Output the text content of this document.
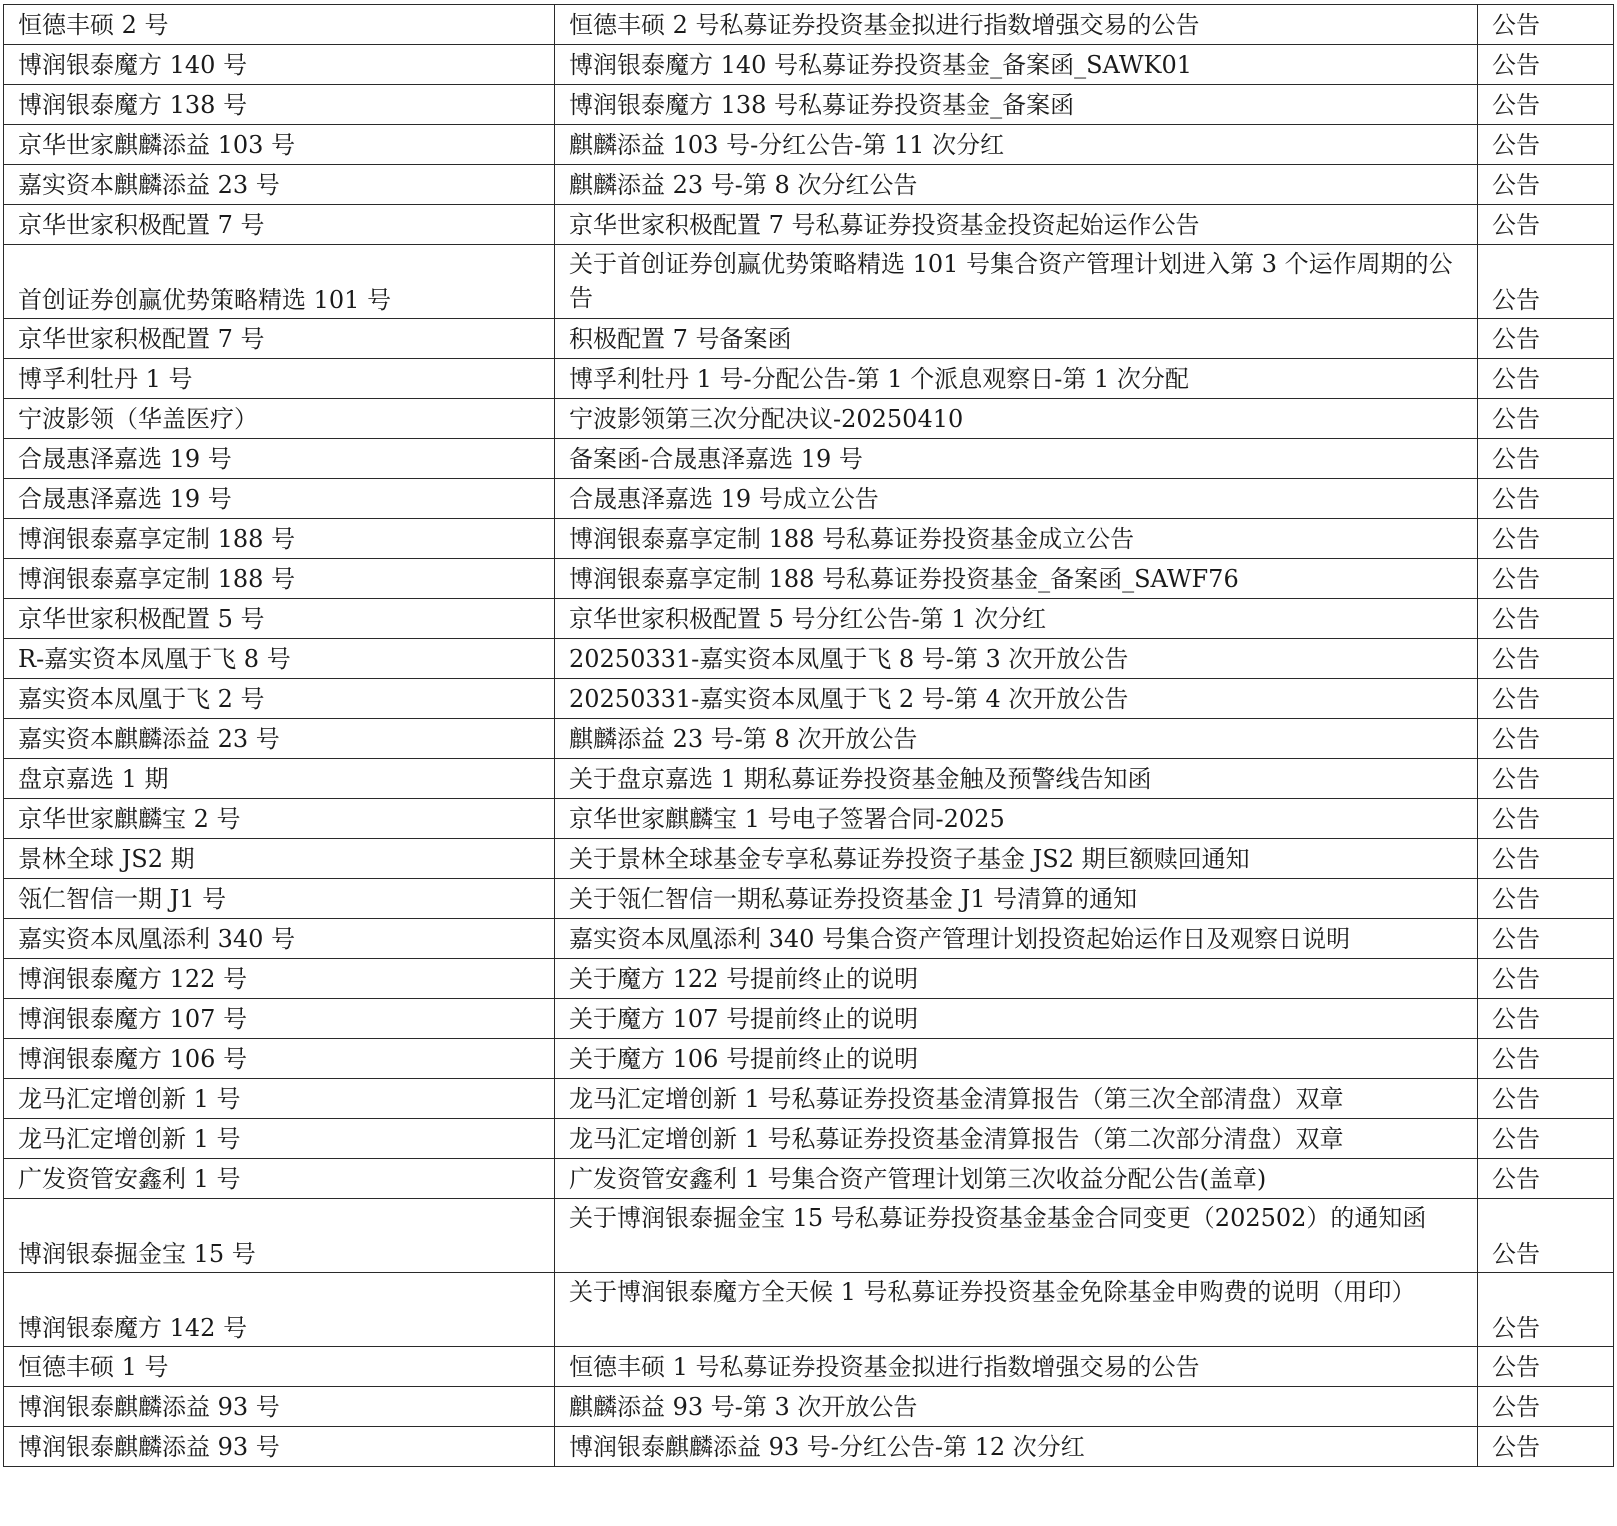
恒德丰硕 2 号	恒德丰硕 2 号私募证券投资基金拟进行指数增强交易的公告	公告
博润银泰魔方 140 号	博润银泰魔方 140 号私募证券投资基金_备案函_SAWK01	公告
博润银泰魔方 138 号	博润银泰魔方 138 号私募证券投资基金_备案函	公告
京华世家麒麟添益 103 号	麒麟添益 103 号-分红公告-第 11 次分红	公告
嘉实资本麒麟添益 23 号	麒麟添益 23 号-第 8 次分红公告	公告
京华世家积极配置 7 号	京华世家积极配置 7 号私募证券投资基金投资起始运作公告	公告
首创证券创赢优势策略精选 101 号	关于首创证券创赢优势策略精选 101 号集合资产管理计划进入第 3 个运作周期的公告	公告
京华世家积极配置 7 号	积极配置 7 号备案函	公告
博孚利牡丹 1 号	博孚利牡丹 1 号-分配公告-第 1 个派息观察日-第 1 次分配	公告
宁波影领（华盖医疗）	宁波影领第三次分配决议-20250410	公告
合晟惠泽嘉选 19 号	备案函-合晟惠泽嘉选 19 号	公告
合晟惠泽嘉选 19 号	合晟惠泽嘉选 19 号成立公告	公告
博润银泰嘉享定制 188 号	博润银泰嘉享定制 188 号私募证券投资基金成立公告	公告
博润银泰嘉享定制 188 号	博润银泰嘉享定制 188 号私募证券投资基金_备案函_SAWF76	公告
京华世家积极配置 5 号	京华世家积极配置 5 号分红公告-第 1 次分红	公告
R-嘉实资本凤凰于飞 8 号	20250331-嘉实资本凤凰于飞 8 号-第 3 次开放公告	公告
嘉实资本凤凰于飞 2 号	20250331-嘉实资本凤凰于飞 2 号-第 4 次开放公告	公告
嘉实资本麒麟添益 23 号	麒麟添益 23 号-第 8 次开放公告	公告
盘京嘉选 1 期	关于盘京嘉选 1 期私募证券投资基金触及预警线告知函	公告
京华世家麒麟宝 2 号	京华世家麒麟宝 1 号电子签署合同-2025	公告
景林全球 JS2 期	关于景林全球基金专享私募证券投资子基金 JS2 期巨额赎回通知	公告
瓴仁智信一期 J1 号	关于瓴仁智信一期私募证券投资基金 J1 号清算的通知	公告
嘉实资本凤凰添利 340 号	嘉实资本凤凰添利 340 号集合资产管理计划投资起始运作日及观察日说明	公告
博润银泰魔方 122 号	关于魔方 122 号提前终止的说明	公告
博润银泰魔方 107 号	关于魔方 107 号提前终止的说明	公告
博润银泰魔方 106 号	关于魔方 106 号提前终止的说明	公告
龙马汇定增创新 1 号	龙马汇定增创新 1 号私募证券投资基金清算报告（第三次全部清盘）双章	公告
龙马汇定增创新 1 号	龙马汇定增创新 1 号私募证券投资基金清算报告（第二次部分清盘）双章	公告
广发资管安鑫利 1 号	广发资管安鑫利 1 号集合资产管理计划第三次收益分配公告(盖章)	公告
博润银泰掘金宝 15 号	关于博润银泰掘金宝 15 号私募证券投资基金基金合同变更（202502）的通知函	公告
博润银泰魔方 142 号	关于博润银泰魔方全天候 1 号私募证券投资基金免除基金申购费的说明（用印）	公告
恒德丰硕 1 号	恒德丰硕 1 号私募证券投资基金拟进行指数增强交易的公告	公告
博润银泰麒麟添益 93 号	麒麟添益 93 号-第 3 次开放公告	公告
博润银泰麒麟添益 93 号	博润银泰麒麟添益 93 号-分红公告-第 12 次分红	公告
